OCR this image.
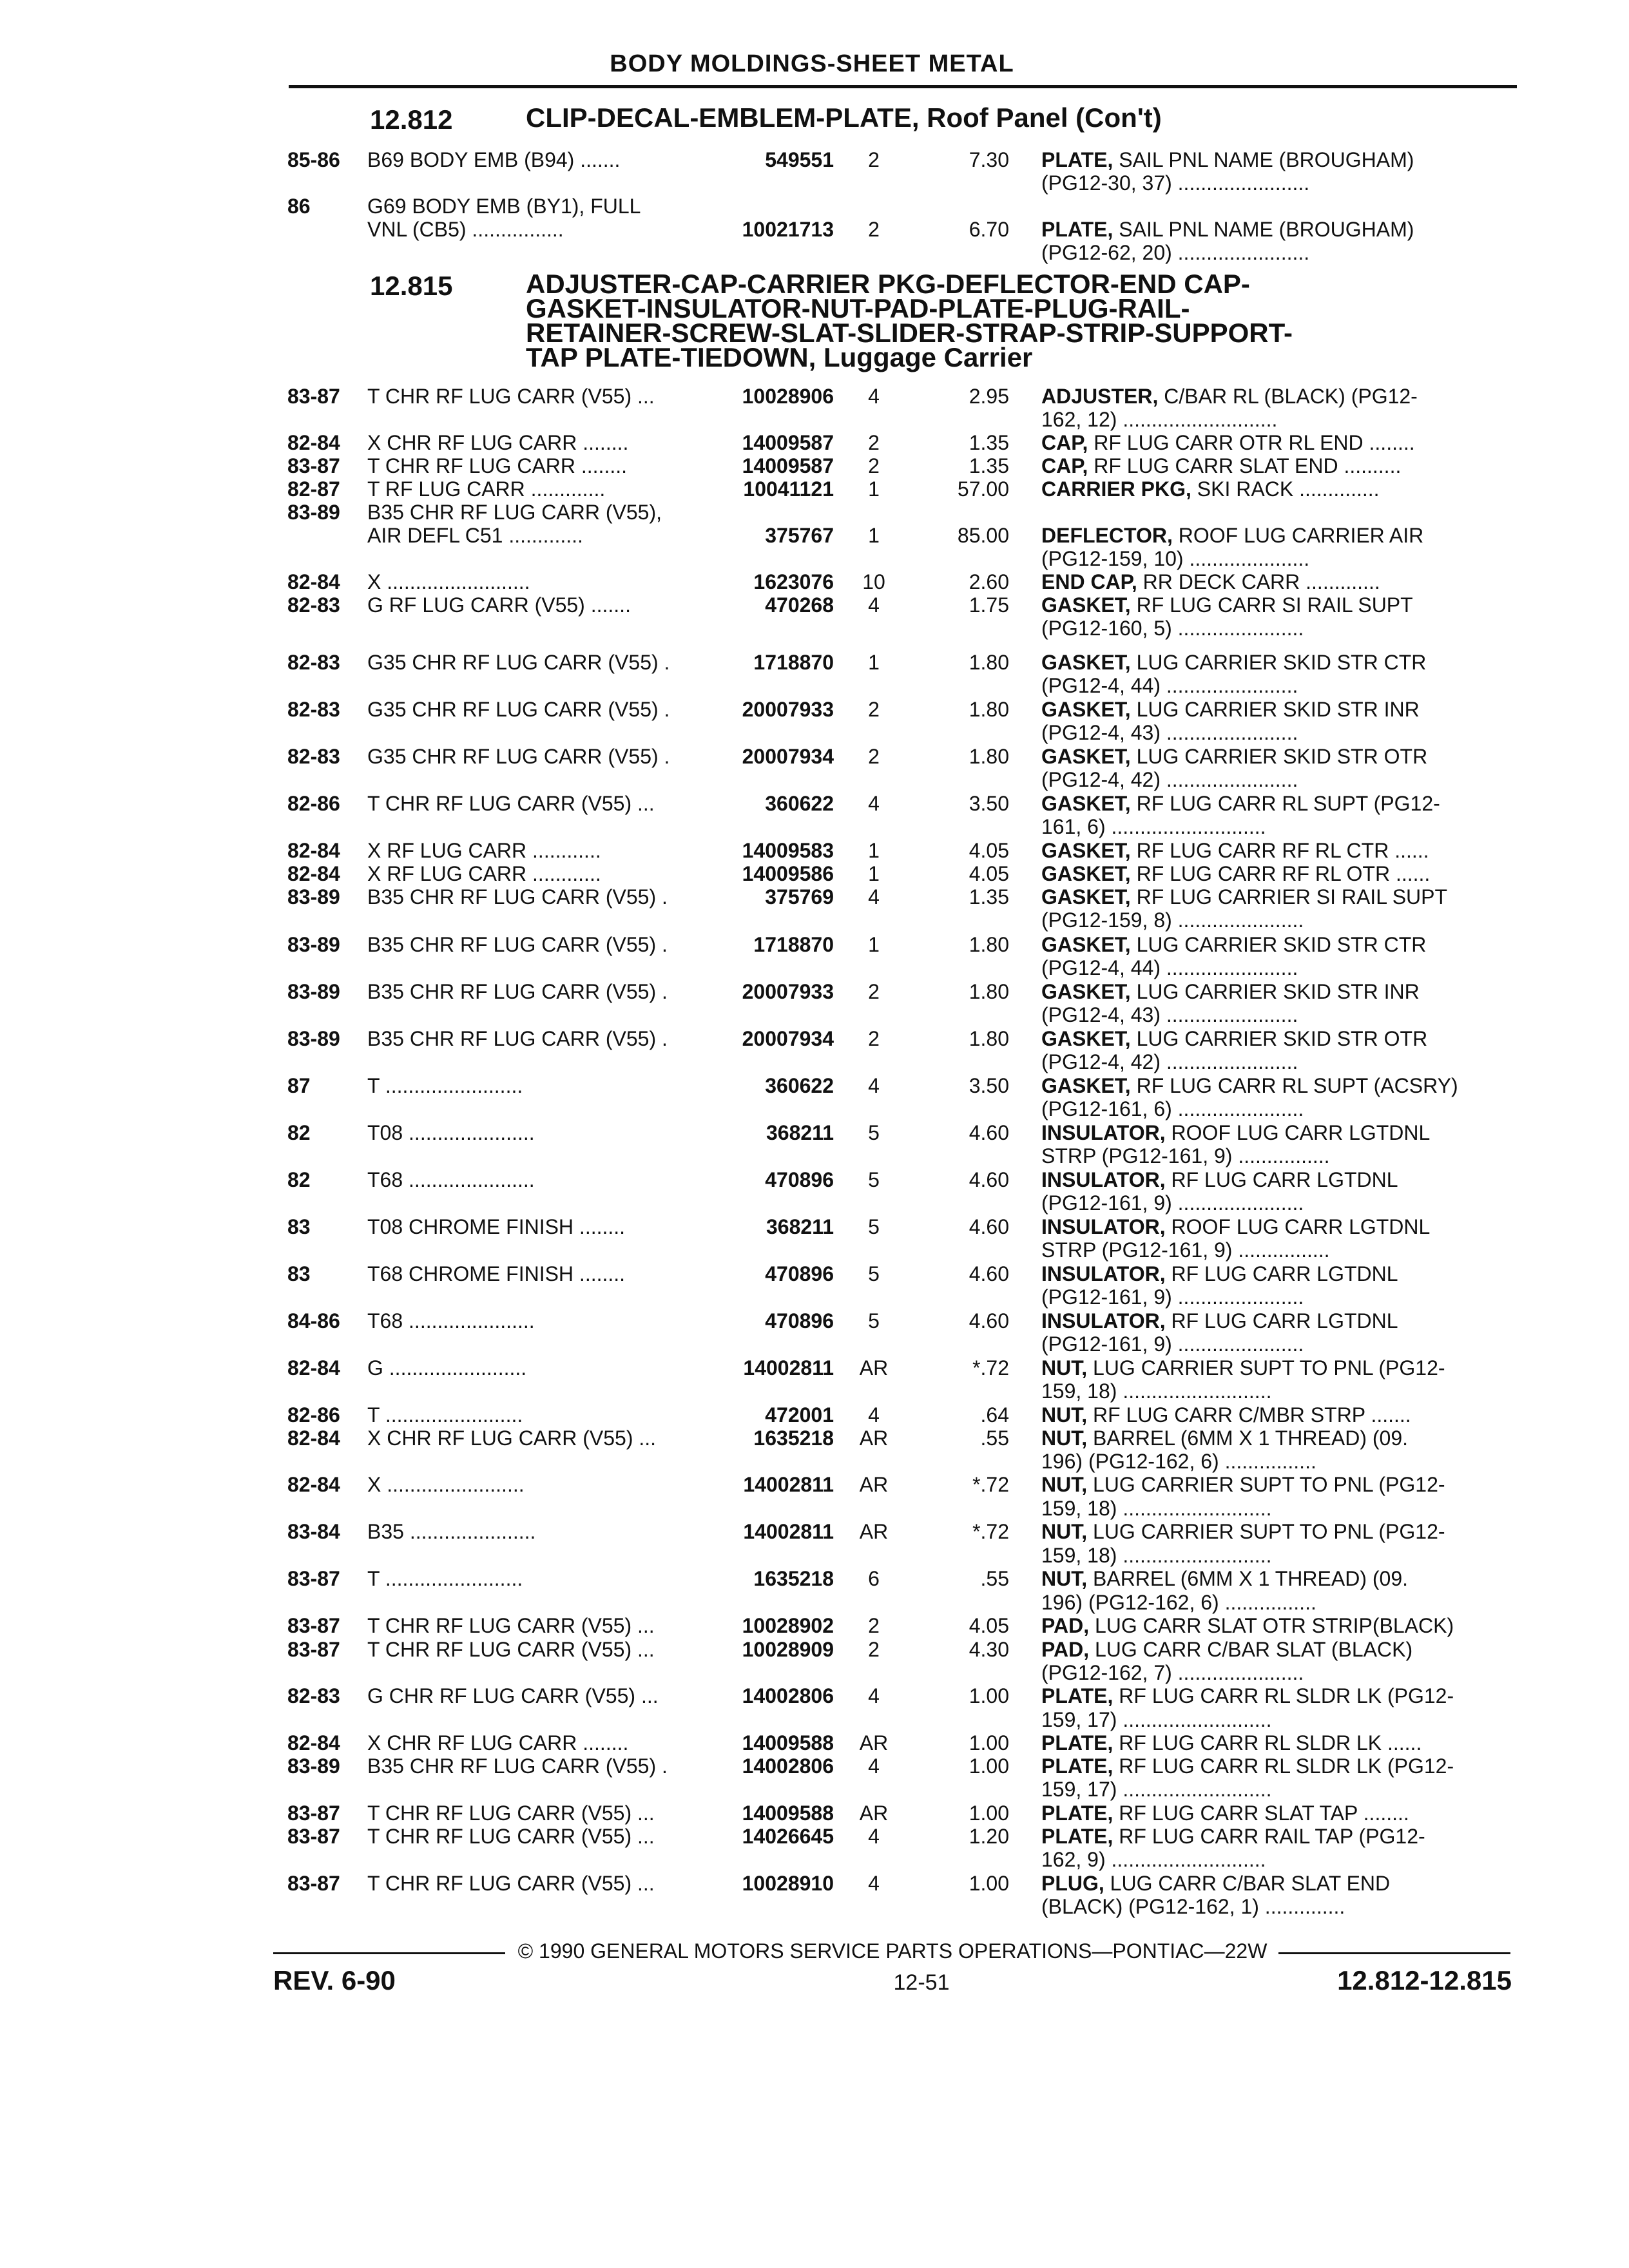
BODY MOLDINGS-SHEET METAL
12.812	CLIP-DECAL-EMBLEM-PLATE, Roof Panel (Con't)
12.815	ADJUSTER-CAP-CARRIER PKG-DEFLECTOR-END CAP-
GASKET-INSULATOR-NUT-PAD-PLATE-PLUG-RAIL-
RETAINER-SCREW-SLAT-SLIDER-STRAP-STRIP-SUPPORT-
TAP PLATE-TIEDOWN, Luggage Carrier
85-86 B69 BODY EMB (B94) .......	549551	2	7.30 PLATE, SAIL PNL NAME (BROUGHAM)
(PG12-30, 37) .......................
86	G69 BODY EMB (BY1), FULL
VNL (CB5) ................	10021713	2	6.70 PLATE, SAIL PNL NAME (BROUGHAM)
(PG12-62, 20) .......................
83-87 T CHR RF LUG CARR (V55) ...	10028906	4	2.95 ADJUSTER, C/BAR RL (BLACK) (PG12-
162, 12) ...........................
82-84 X CHR RF LUG CARR ........	14009587	2	1.35 CAP, RF LUG CARR OTR RL END ........
83-87 T CHR RF LUG CARR ........	14009587	2	1.35 CAP, RF LUG CARR SLAT END ..........
82-87 T RF LUG CARR .............	10041121	1	57.00 CARRIER PKG, SKI RACK ..............
83-89 B35 CHR RF LUG CARR (V55),
AIR DEFL C51 .............	375767	1	85.00 DEFLECTOR, ROOF LUG CARRIER AIR
(PG12-159, 10) .....................
82-84 X .........................	1623076	10	2.60 END CAP, RR DECK CARR .............
82-83 G RF LUG CARR (V55) .......	470268	4	1.75 GASKET, RF LUG CARR SI RAIL SUPT
(PG12-160, 5) ......................
82-83 G35 CHR RF LUG CARR (V55) .	1718870	1	1.80 GASKET, LUG CARRIER SKID STR CTR
(PG12-4, 44) .......................
82-83 G35 CHR RF LUG CARR (V55) .	20007933	2	1.80 GASKET, LUG CARRIER SKID STR INR
(PG12-4, 43) .......................
82-83 G35 CHR RF LUG CARR (V55) .	20007934	2	1.80 GASKET, LUG CARRIER SKID STR OTR
(PG12-4, 42) .......................
82-86 T CHR RF LUG CARR (V55) ...	360622	4	3.50 GASKET, RF LUG CARR RL SUPT (PG12-
161, 6) ...........................
82-84 X RF LUG CARR ............	14009583	1	4.05 GASKET, RF LUG CARR RF RL CTR ......
82-84 X RF LUG CARR ............	14009586	1	4.05 GASKET, RF LUG CARR RF RL OTR ......
83-89 B35 CHR RF LUG CARR (V55) .	375769	4	1.35 GASKET, RF LUG CARRIER SI RAIL SUPT
(PG12-159, 8) ......................
83-89 B35 CHR RF LUG CARR (V55) .	1718870	1	1.80 GASKET, LUG CARRIER SKID STR CTR
(PG12-4, 44) .......................
83-89 B35 CHR RF LUG CARR (V55) .	20007933	2	1.80 GASKET, LUG CARRIER SKID STR INR
(PG12-4, 43) .......................
83-89 B35 CHR RF LUG CARR (V55) .	20007934	2	1.80 GASKET, LUG CARRIER SKID STR OTR
(PG12-4, 42) .......................
87	T ........................	360622	4	3.50 GASKET, RF LUG CARR RL SUPT (ACSRY)
(PG12-161, 6) ......................
82	T08 ......................	368211	5	4.60 INSULATOR, ROOF LUG CARR LGTDNL
STRP (PG12-161, 9) ................
82	T68 ......................	470896	5	4.60 INSULATOR, RF LUG CARR LGTDNL
(PG12-161, 9) ......................
83	T08 CHROME FINISH ........	368211	5	4.60 INSULATOR, ROOF LUG CARR LGTDNL
STRP (PG12-161, 9) ................
83	T68 CHROME FINISH ........	470896	5	4.60 INSULATOR, RF LUG CARR LGTDNL
(PG12-161, 9) ......................
84-86 T68 ......................	470896	5	4.60 INSULATOR, RF LUG CARR LGTDNL
(PG12-161, 9) ......................
82-84 G ........................	14002811	AR	*.72 NUT, LUG CARRIER SUPT TO PNL (PG12-
159, 18) ..........................
82-86 T ........................	472001	4	.64 NUT, RF LUG CARR C/MBR STRP .......
82-84 X CHR RF LUG CARR (V55) ...	1635218	AR	.55 NUT, BARREL (6MM X 1 THREAD) (09.
196) (PG12-162, 6) ................
82-84 X ........................	14002811	AR	*.72 NUT, LUG CARRIER SUPT TO PNL (PG12-
159, 18) ..........................
83-84 B35 ......................	14002811	AR	*.72 NUT, LUG CARRIER SUPT TO PNL (PG12-
159, 18) ..........................
83-87 T ........................	1635218	6	.55 NUT, BARREL (6MM X 1 THREAD) (09.
196) (PG12-162, 6) ................
83-87 T CHR RF LUG CARR (V55) ...	10028902	2	4.05 PAD, LUG CARR SLAT OTR STRIP(BLACK)
83-87 T CHR RF LUG CARR (V55) ...	10028909	2	4.30 PAD, LUG CARR C/BAR SLAT (BLACK)
(PG12-162, 7) ......................
82-83 G CHR RF LUG CARR (V55) ...	14002806	4	1.00 PLATE, RF LUG CARR RL SLDR LK (PG12-
159, 17) ..........................
82-84 X CHR RF LUG CARR ........	14009588	AR	1.00 PLATE, RF LUG CARR RL SLDR LK ......
83-89 B35 CHR RF LUG CARR (V55) .	14002806	4	1.00 PLATE, RF LUG CARR RL SLDR LK (PG12-
159, 17) ..........................
83-87 T CHR RF LUG CARR (V55) ...	14009588	AR	1.00 PLATE, RF LUG CARR SLAT TAP ........
83-87 T CHR RF LUG CARR (V55) ...	14026645	4	1.20 PLATE, RF LUG CARR RAIL TAP (PG12-
162, 9) ...........................
83-87 T CHR RF LUG CARR (V55) ...	10028910	4	1.00 PLUG, LUG CARR C/BAR SLAT END
(BLACK) (PG12-162, 1) ..............
© 1990 GENERAL MOTORS SERVICE PARTS OPERATIONS—PONTIAC—22W
REV. 6-90	12-51	12.812-12.815
